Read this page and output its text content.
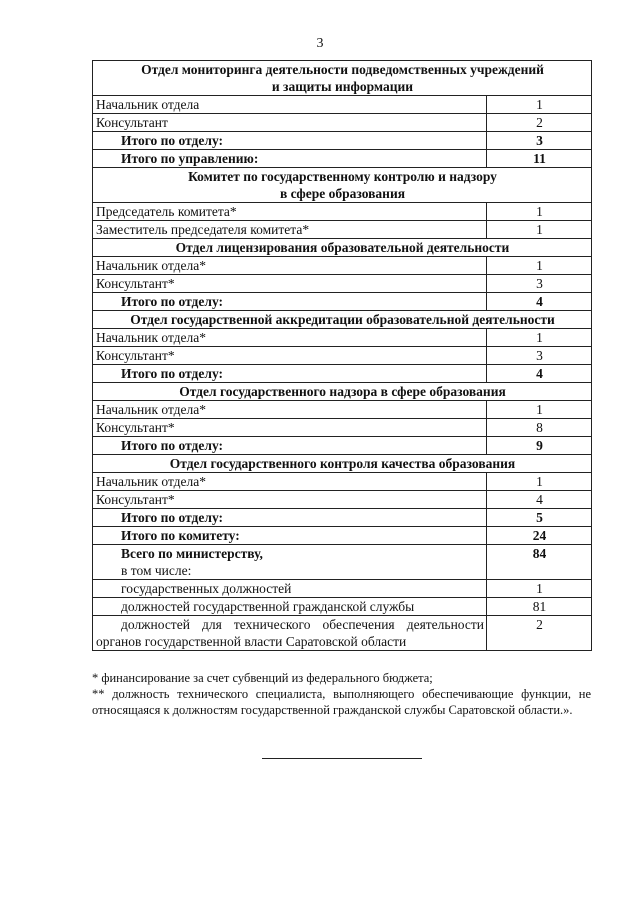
3
Отдел мониторинга деятельности подведомственных учреждений
и защиты информации	

Начальник отдела	1
Консультант	2
Итого по отделу:	3
Итого по управлению:	11

Комитет по государственному контролю и надзору
в сфере образования	

Председатель комитета*	1
Заместитель председателя комитета*	1

Отдел лицензирования образовательной деятельности	

Начальник отдела*	1
Консультант*	3
Итого по отделу:	4

Отдел государственной аккредитации образовательной деятельности	

Начальник отдела*	1
Консультант*	3
Итого по отделу:	4

Отдел государственного надзора в сфере образования	

Начальник отдела*	1
Консультант*	8
Итого по отделу:	9

Отдел государственного контроля качества образования	

Начальник отдела*	1
Консультант*	4
Итого по отделу:	5
Итого по комитету:	24
Всего по министерству,	84
в том числе:	
государственных должностей	1
должностей государственной гражданской службы	81

должностей для технического обеспечения деятельности
органов государственной власти Саратовской области	2

* финансирование за счет субвенций из федерального бюджета;

** должность технического специалиста, выполняющего обеспечивающие функции, не относящаяся к должностям государственной гражданской службы Саратовской области.».
